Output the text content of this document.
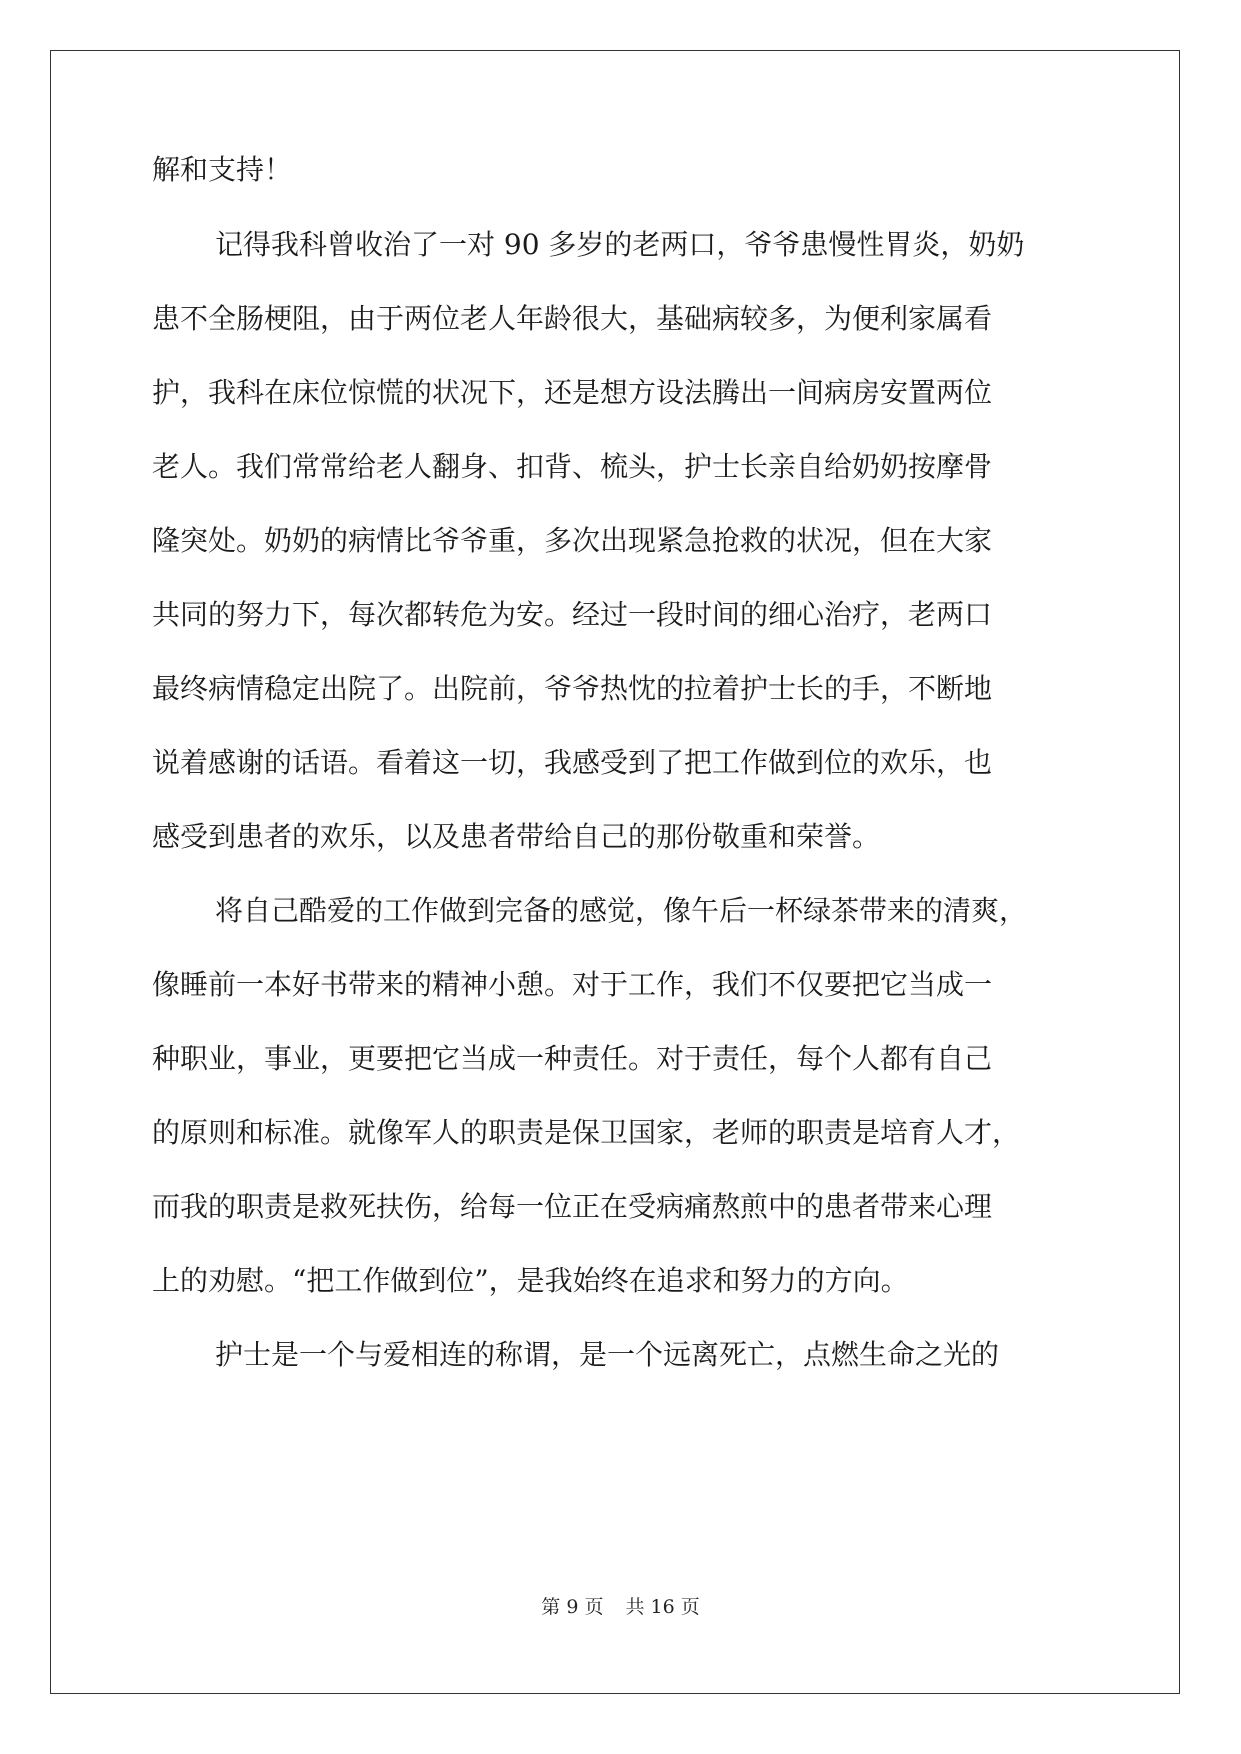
解和支持！
记得我科曾收治了一对 90 多岁的老两口，爷爷患慢性胃炎，奶奶
患不全肠梗阻，由于两位老人年龄很大，基础病较多，为便利家属看
护，我科在床位惊慌的状况下，还是想方设法腾出一间病房安置两位
老人。我们常常给老人翻身、扣背、梳头，护士长亲自给奶奶按摩骨
隆突处。奶奶的病情比爷爷重，多次出现紧急抢救的状况，但在大家
共同的努力下，每次都转危为安。经过一段时间的细心治疗，老两口
最终病情稳定出院了。出院前，爷爷热忱的拉着护士长的手，不断地
说着感谢的话语。看着这一切，我感受到了把工作做到位的欢乐，也
感受到患者的欢乐，以及患者带给自己的那份敬重和荣誉。
将自己酷爱的工作做到完备的感觉，像午后一杯绿茶带来的清爽，
像睡前一本好书带来的精神小憩。对于工作，我们不仅要把它当成一
种职业，事业，更要把它当成一种责任。对于责任，每个人都有自己
的原则和标准。就像军人的职责是保卫国家，老师的职责是培育人才，
而我的职责是救死扶伤，给每一位正在受病痛熬煎中的患者带来心理
上的劝慰。“把工作做到位”，是我始终在追求和努力的方向。
护士是一个与爱相连的称谓，是一个远离死亡，点燃生命之光的
第 9 页 共 16 页
